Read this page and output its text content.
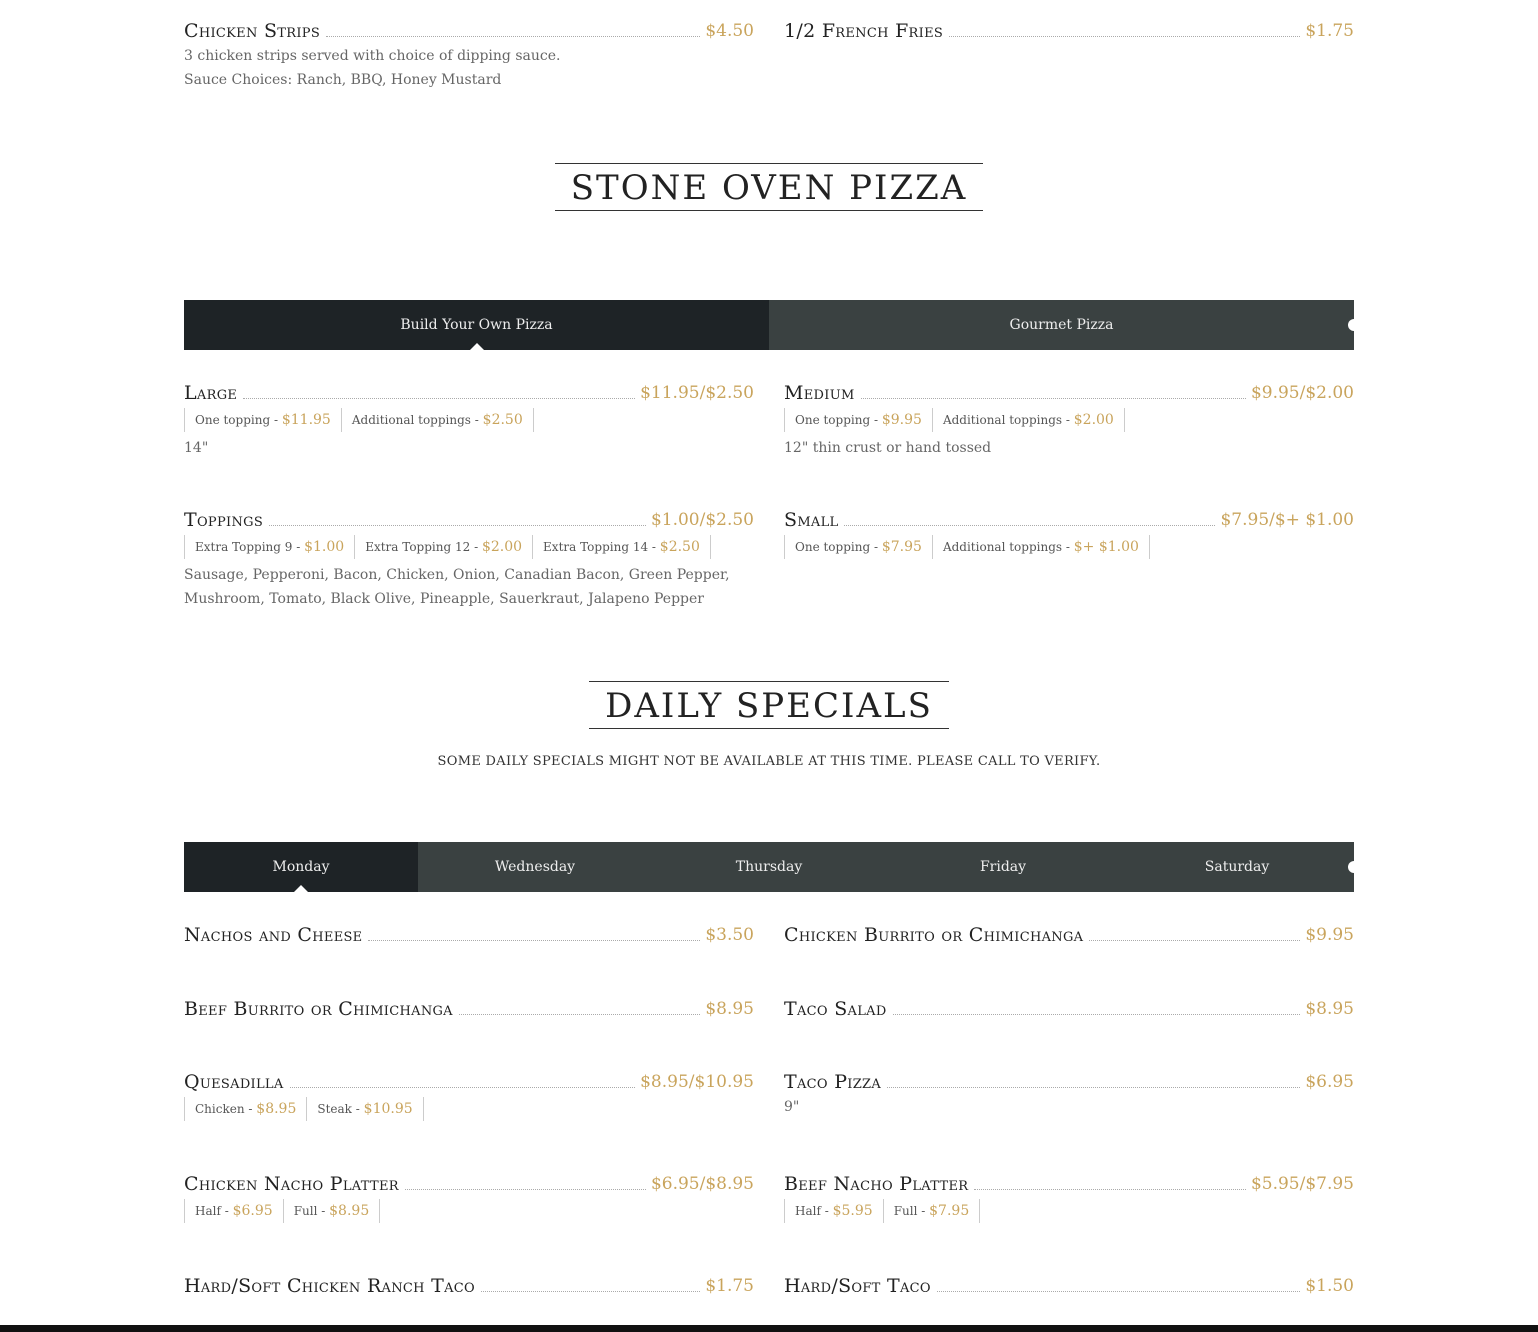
Chicken Strips	$4.50
3 chicken strips served with choice of dipping sauce.
Sauce Choices: Ranch, BBQ, Honey Mustard
1/2 French Fries	$1.75
STONE OVEN PIZZA
Build Your Own Pizza	Gourmet Pizza
Large	$11.95/$2.50
One topping - $11.95	Additional toppings - $2.50
14"
Medium	$9.95/$2.00
One topping - $9.95	Additional toppings - $2.00
12" thin crust or hand tossed
Toppings	$1.00/$2.50
Extra Topping 9 - $1.00	Extra Topping 12 - $2.00	Extra Topping 14 - $2.50
Sausage, Pepperoni, Bacon, Chicken, Onion, Canadian Bacon, Green Pepper,
Mushroom, Tomato, Black Olive, Pineapple, Sauerkraut, Jalapeno Pepper
Small	$7.95/$+ $1.00
One topping - $7.95	Additional toppings - $+ $1.00
DAILY SPECIALS
SOME DAILY SPECIALS MIGHT NOT BE AVAILABLE AT THIS TIME. PLEASE CALL TO VERIFY.
Monday	Wednesday	Thursday	Friday	Saturday
Nachos and Cheese	$3.50 Chicken Burrito or Chimichanga	$9.95
Beef Burrito or Chimichanga	$8.95 Taco Salad	$8.95
Quesadilla	$8.95/$10.95
Chicken - $8.95	Steak - $10.95
Taco Pizza	$6.95
9"
Chicken Nacho Platter	$6.95/$8.95
Half - $6.95	Full - $8.95
Beef Nacho Platter	$5.95/$7.95
Half - $5.95	Full - $7.95
Hard/Soft Chicken Ranch Taco	$1.75 Hard/Soft Taco	$1.50
